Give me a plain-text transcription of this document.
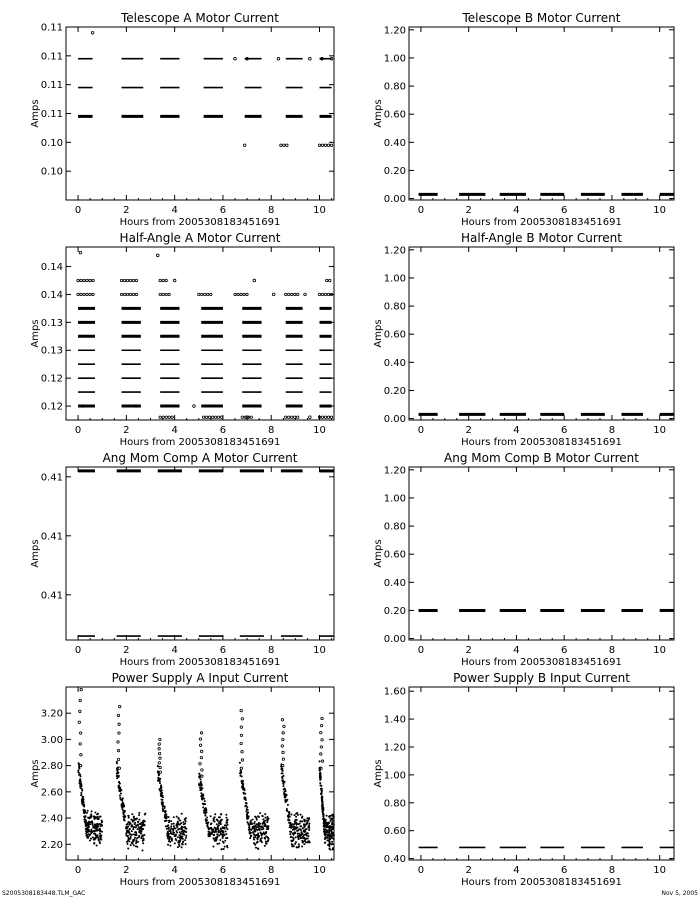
Telescope A Motor Current
Hours from 2005308183451691
Amps
0	2	4	6	8	10
0.10
0.10
0.11
0.11
0.11
0.11
Telescope B Motor Current
Hours from 2005308183451691
Amps
0	2	4	6	8	10
0.00
0.20
0.40
0.60
0.80
1.00
1.20
Half-Angle A Motor Current
Hours from 2005308183451691
Amps
0	2	4	6	8	10
0.12
0.12
0.13
0.13
0.14
0.14
Half-Angle B Motor Current
Hours from 2005308183451691
Amps
0	2	4	6	8	10
0.00
0.20
0.40
0.60
0.80
1.00
1.20
Ang Mom Comp A Motor Current
Hours from 2005308183451691
Amps
0	2	4	6	8	10
0.41
0.41
0.41
Ang Mom Comp B Motor Current
Hours from 2005308183451691
Amps
0	2	4	6	8	10
0.00
0.20
0.40
0.60
0.80
1.00
1.20
Power Supply A Input Current
Hours from 2005308183451691
Amps
0	2	4	6	8	10
2.20
2.40
2.60
2.80
3.00
3.20
Power Supply B Input Current
Hours from 2005308183451691
Amps
0	2	4	6	8	10
0.40
0.60
0.80
1.00
1.20
1.40
1.60
S2005308183448.TLM_GAC	Nov 5, 2005
